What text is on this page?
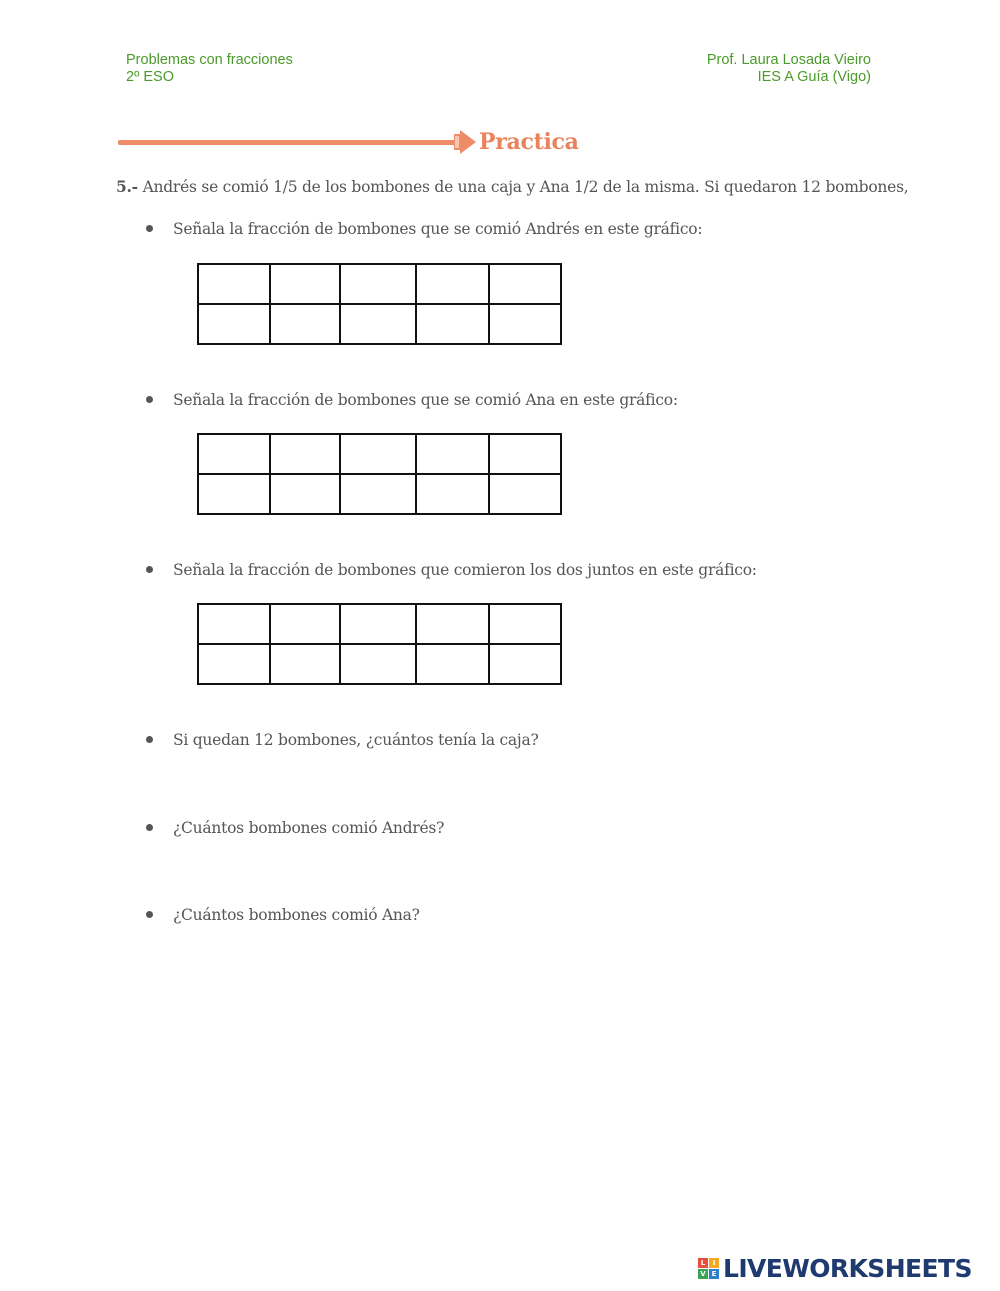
Problemas con fracciones
2º ESO
Prof. Laura Losada Vieiro
IES A Guía (Vigo)
Practica
5.- Andrés se comió 1/5 de los bombones de una caja y Ana 1/2 de la misma. Si quedaron 12 bombones,
Señala la fracción de bombones que se comió Andrés en este gráfico:
Señala la fracción de bombones que se comió Ana en este gráfico:
Señala la fracción de bombones que comieron los dos juntos en este gráfico:
Si quedan 12 bombones, ¿cuántos tenía la caja?
¿Cuántos bombones comió Andrés?
¿Cuántos bombones comió Ana?
L	I
V E LIVEWORKSHEETS
